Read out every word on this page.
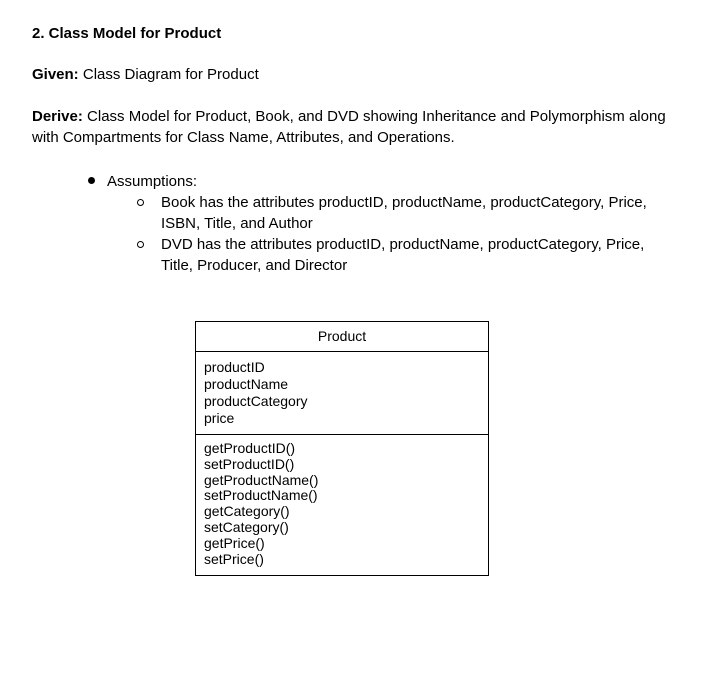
2. Class Model for Product
Given: Class Diagram for Product
Derive: Class Model for Product, Book, and DVD showing Inheritance and Polymorphism along with Compartments for Class Name, Attributes, and Operations.
Assumptions:
Book has the attributes productID, productName, productCategory, Price, ISBN, Title, and Author
DVD has the attributes productID, productName, productCategory, Price, Title, Producer, and Director
Product
productID
productName
productCategory
price
getProductID()
setProductID()
getProductName()
setProductName()
getCategory()
setCategory()
getPrice()
setPrice()
